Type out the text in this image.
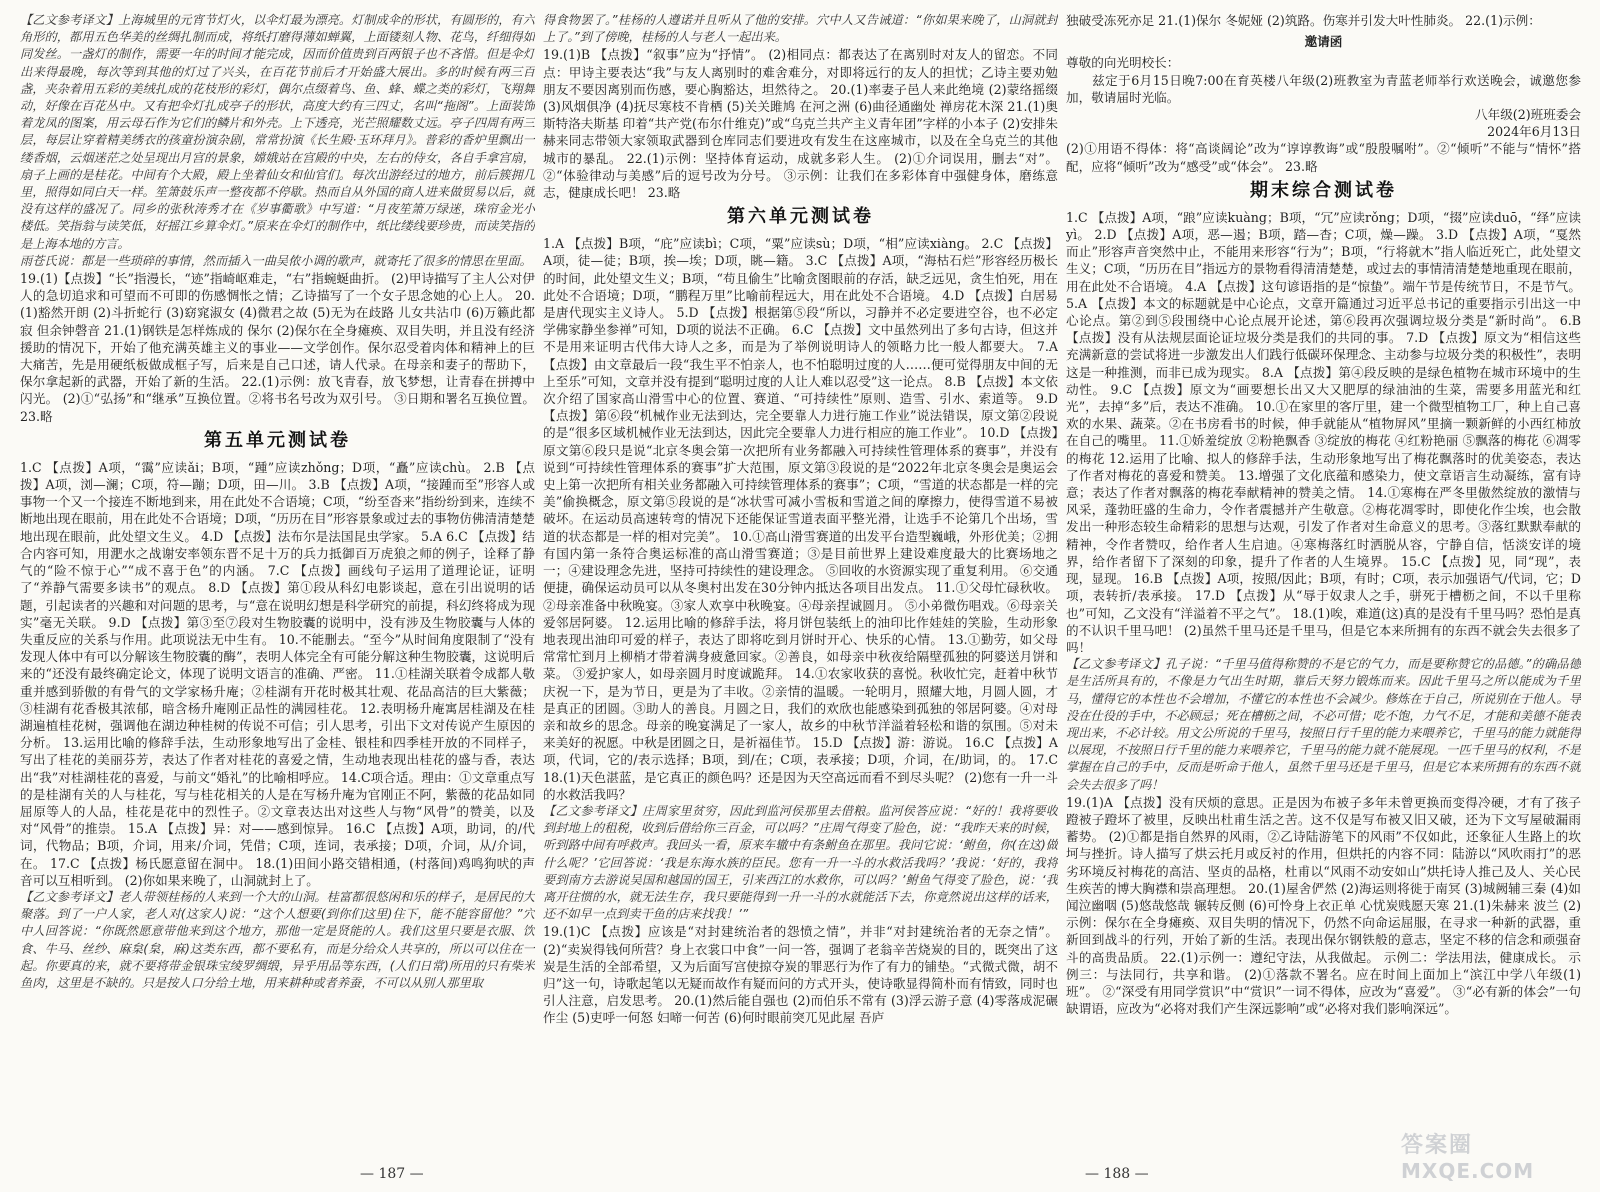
【乙文参考译文】上海城里的元宵节灯火，以伞灯最为漂亮。灯制成伞的形状，有圆形的，有六角形的，都用五色华美的丝绸扎制而成，将纸打磨得薄如蝉翼，上面镂刻人物、花鸟，纤细得如同发丝。一盏灯的制作，需要一年的时间才能完成，因而价值贵到百两银子也不吝惜。但是伞灯出来得最晚，每次等到其他的灯过了兴头，在百花节前后才开始盛大展出。多的时候有两三百盏，夹杂着用五彩的美绒扎成的花枝形的彩灯，偶尔点缀着鸟、鱼、蜂、蝶之类的彩灯，飞翔舞动，好像在百花丛中。又有把伞灯扎成亭子的形状，高度大约有三四丈，名叫“拖阁”。上面装饰着龙凤的图案，用云母石作为它们的鳞片和外壳。上下透亮，光芒照耀数丈远。亭子四周有两三层，每层让穿着精美绣衣的孩童扮演杂剧，常常扮演《长生殿·玉环拜月》。普彩的香炉里飘出一缕香烟，云烟迷茫之处呈现出月宫的景象，嫦娥站在宫殿的中央，左右的侍女，各自手拿宫扇，扇子上画的是桂花。中间有个大殿，殿上坐着仙女和仙官们。每次出游经过的地方，前后簇拥几里，照得如同白天一样。笙箫鼓乐声一整夜都不停歇。热而自从外国的商人进来做贸易以后，就没有这样的盛况了。同乡的张秋涛秀才在《岁事衢歌》中写道：“月夜笙箫万绿迷，珠帘金光小楼低。笑指翁与读笑低，好摇江乡算伞灯。”原来在伞灯的制作中，纸比缕线要珍贵，而读笑指的是上海本地的方言。

雨苍氏说：都是一些琐碎的事情，然而插入一曲吴侬小调的歌声，就寄托了很多的情思在里面。

19.(1)【点拨】“长”指漫长，“迹”指崎岖难走，“右”指蜿蜒曲折。 (2)甲诗描写了主人公对伊人的急切追求和可望而不可即的伤感惆怅之情；乙诗描写了一个女子思念她的心上人。 20.(1)豁然开朗 (2)斗折蛇行 (3)窈窕淑女 (4)微君之故 (5)无为在歧路 儿女共沾巾 (6)万籁此都寂 但余钟磬音 21.(1)钢铁是怎样炼成的 保尔 (2)保尔在全身瘫痪、双目失明，并且没有经济援助的情况下，开始了他充满英雄主义的事业——文学创作。保尔忍受着肉体和精神上的巨大痛苦，先是用硬纸板做成框子写，后来是自己口述，请人代录。在母亲和妻子的帮助下，保尔拿起新的武器，开始了新的生活。 22.(1)示例：放飞青春，放飞梦想，让青春在拼搏中闪光。 (2)①“弘扬”和“继承”互换位置。②将书名号改为双引号。 ③日期和署名互换位置。 23.略

第五单元测试卷

1.C 【点拨】A项，“霭”应读ǎi；B项，“踵”应读zhǒng；D项，“矗”应读chù。 2.B 【点拨】A项，浏—澜；C项，符—蹦；D项，田—川。 3.B 【点拨】A项，“接踵而至”形容人或事物一个又一个接连不断地到来，用在此处不合语境；C项，“纷至沓来”指纷纷到来，连续不断地出现在眼前，用在此处不合语境；D项，“历历在目”形容景象或过去的事物仿佛清清楚楚地出现在眼前，此处望文生义。 4.D 【点拨】法布尔是法国昆虫学家。 5.A 6.C 【点拨】结合内容可知，用淝水之战谢安率领东晋不足十万的兵力抵御百万虎狼之师的例子，诠释了静气的“险不惊于心”“成不喜于色”的内涵。 7.C 【点拨】画线句子运用了道理论证，证明了“养静气需要多读书”的观点。 8.D 【点拨】第①段从科幻电影谈起，意在引出说明的话题，引起读者的兴趣和对问题的思考，与“意在说明幻想是科学研究的前提，科幻终将成为现实”毫无关联。 9.D 【点拨】第③至⑦段对生物胶囊的说明中，没有涉及生物胶囊与人体的失重反应的关系与作用。此项说法无中生有。 10.不能删去。“至今”从时间角度限制了“没有发现人体中有可以分解该生物胶囊的酶”，表明人体完全有可能分解这种生物胶囊，这说明后来的“还没有最终确定论文，体现了说明文语言的准确、严密。 11.①桂湖关联着令成都人敬重并感到骄傲的有骨气的文学家杨升庵；②桂湖有开花时极其壮观、花品高洁的巨大紫薇；③桂湖有花香极其浓郁，暗含杨升庵刚正品性的满园桂花。 12.表明杨升庵寓居桂湖及在桂湖遍植桂花树，强调他在湖边种桂树的传说不可信；引人思考，引出下文对传说产生原因的分析。 13.运用比喻的修辞手法，生动形象地写出了金桂、银桂和四季桂开放的不同样子，写出了桂花的美丽芬芳，表达了作者对桂花的喜爱之情，生动地表现出桂花的盛与香，表达出“我”对桂湖桂花的喜爱，与前文“婚礼”的比喻相呼应。 14.C项合适。理由：①文章重点写的是桂湖有关的人与桂花，写与桂花相关的人是在写杨升庵为官刚正不阿，紫薇的花品如同屈原等人的人品，桂花是花中的烈性子。②文章表达出对这些人与物“风骨”的赞美，以及对“风骨”的推崇。 15.A 【点拨】异：对——感到惊异。 16.C 【点拨】A项，助词，的/代词，代物品；B项，介词，用来/介词，凭借；C项，连词，表承接；D项，介词，从/介词，在。 17.C 【点拨】杨氏愿意留在洞中。 18.(1)田间小路交错相通，(村落间)鸡鸣狗吠的声音可以互相听到。 (2)你如果来晚了，山洞就封上了。

【乙文参考译文】老人带领桂杨的人来到一个大的山洞。桂富都很悠闲和乐的样子，是居民的大聚落。到了一户人家，老人对(这家人)说：“这个人想要(到你们这里)住下，能不能容留他？”穴中人回答说：“你既然愿意带他来到这个地方，那他一定是贤能的人。我们这里只要是衣服、饮食、牛马、丝纱、麻枲(枲，麻)这类东西，都不要私有，而是分给众人共享的，所以可以住在一起。你要真的来，就不要将带金银珠宝绫罗绸缎，异乎用品等东西，(人们日常)所用的只有柴米鱼肉，这里是不缺的。只是按人口分给土地，用来耕种或者养蚕，不可以从别人那里取

得食物罢了。”桂杨的人遵诺并且听从了他的安排。穴中人又告诫道：“你如果来晚了，山洞就封上了。”到了傍晚，桂杨的人与老人一起出来。

19.(1)B 【点拨】“叙事”应为“抒情”。 (2)相同点：都表达了在离别时对友人的留恋。不同点：甲诗主要表达“我”与友人离别时的难舍难分，对即将远行的友人的担忧；乙诗主要劝勉朋友不要因离别而伤感，要心胸豁达，坦然待之。 20.(1)率妻子邑人来此绝境 (2)蒙络摇缀 (3)风烟俱净 (4)抚尽寒枝不肯栖 (5)关关雎鸠 在河之洲 (6)曲径通幽处 禅房花木深 21.(1)奥斯特洛夫斯基 印着“共产党(布尔什维克)”或“乌克兰共产主义青年团”字样的小本子 (2)安排朱赫来同志带领大家领取武器到仓库同志们要进攻有发生在这座城市，以及在全乌克兰的其他城市的暴乱。 22.(1)示例：坚持体育运动，成就多彩人生。 (2)①介词误用，删去“对”。 ②“体验律动与美感”后的逗号改为分号。 ③示例：让我们在多彩体育中强健身体，磨练意志，健康成长吧！ 23.略

第六单元测试卷

1.A 【点拨】B项，“庇”应读bì；C项，“粟”应读sù；D项，“相”应读xiàng。 2.C 【点拨】A项，徒—徒；B项，挨—埃；D项，眺—籍。 3.C 【点拨】A项，“海枯石烂”形容经历极长的时间，此处望文生义；B项，“苟且偷生”比喻贪图眼前的存活，缺乏远见，贪生怕死，用在此处不合语境；D项，“鹏程万里”比喻前程远大，用在此处不合语境。 4.D 【点拨】白居易是唐代现实主义诗人。 5.D 【点拨】根据第⑤段“所以，习静并不必定要进空谷，也不必定学佛家静坐参禅”可知，D项的说法不正确。 6.C 【点拨】文中虽然列出了多句古诗，但这并不是用来证明古代伟大诗人之多，而是为了举例说明诗人的领略力比一般人都要大。 7.A 【点拨】由文章最后一段“我生平不怕亲人，也不怕聪明过度的人……便可觉得朋友中间的无上至乐”可知，文章并没有提到“聪明过度的人让人难以忍受”这一论点。 8.B 【点拨】本文依次介绍了国家高山滑雪中心的位置、赛道、“可持续性”原则、造雪、引水、索道等。 9.D 【点拨】第⑥段“机械作业无法到达，完全要靠人力进行施工作业”说法错误，原文第②段说的是“很多区域机械作业无法到达，因此完全要靠人力进行相应的施工作业”。 10.D 【点拨】原文第⑥段只是说“北京冬奥会第一次把所有业务都融入可持续性管理体系的赛事”，并没有说到“可持续性管理体系的赛事”扩大范围，原文第③段说的是“2022年北京冬奥会是奥运会史上第一次把所有相关业务都融入可持续管理体系的赛事”；C项，“雪道的状态都是一样的完美”偷换概念，原文第⑤段说的是“冰状雪可减小雪板和雪道之间的摩擦力，使得雪道不易被破坏。在运动员高速转弯的情况下还能保证雪道表面平整光滑，让选手不论第几个出场，雪道的状态都是一样的相对完美”。 10.①高山滑雪赛道的出发平台造型巍峨，外形优美；②拥有国内第一条符合奥运标准的高山滑雪赛道；③是目前世界上建设难度最大的比赛场地之一；④建设理念先进，坚持可持续性的建设理念。 ⑤回收的水资源实现了重复利用。 ⑥交通便捷，确保运动员可以从冬奥村出发在30分钟内抵达各项目出发点。 11.①父母忙碌秋收。②母亲准备中秋晚宴。③家人欢享中秋晚宴。④母亲捏诚圆月。 ⑤小弟微伤唱戏。⑥母亲关爱邻居阿婆。 12.运用比喻的修辞手法，将月饼包装纸上的油印比作娃娃的笑脸，生动形象地表现出油印可爱的样子，表达了即将吃到月饼时开心、快乐的心情。 13.①勤劳，如父母常常忙到月上柳梢才带着满身疲惫回家。②善良，如母亲中秋夜给隔壁孤独的阿婆送月饼和菜。 ③爱护家人，如母亲圆月时度诚跪拜。 14.①农家收获的喜悦。秋收忙完，赶着中秋节庆祝一下，是为节日，更是为了丰收。②亲情的温暖。一轮明月，照耀大地，月圆人圆，才是真正的团圆。③助人的善良。月圆之日，我们的欢欣也能感染到孤独的邻居阿婆。④对母亲和故乡的思念。母亲的晚宴满足了一家人，故乡的中秋节洋溢着轻松和谐的氛围。⑤对未来美好的祝愿。中秋是团圆之日，是祈福佳节。 15.D 【点拨】游：游说。 16.C 【点拨】A项，代词，它的/表示选择；B项，到/在；C项，表承接；D项，介词，在/助词，的。 17.C 18.(1)天色湛蓝，是它真正的颜色吗？还是因为天空高远而看不到尽头呢？ (2)您有一升一斗的水救活我吗？

【乙文参考译文】庄周家里贫穷，因此到监河侯那里去借粮。监河侯答应说：“好的！我将要收到封地上的租税，收到后借给你三百金，可以吗？”庄周气得变了脸色，说：“我昨天来的时候，听到路中间有呼救声。我回头一看，原来车辙中有条鲋鱼在那里。我问它说：‘鲋鱼，你(在这)做什么呢？’它回答说：‘我是东海水族的臣民。您有一升一斗的水救活我吗？’我说：‘好的，我将要到南方去游说吴国和越国的国王，引来西江的水救你，可以吗？’鲋鱼气得变了脸色，说：‘我离开往惯的水，就无法生存，我只要能得到一升一斗的水就能活下去，你竟然说出这样的话来，还不如早一点到卖干鱼的店来找我！’”

19.(1)C 【点拨】应该是“对封建统治者的怨愤之情”，并非“对封建统治者的无奈之情”。 (2)“卖炭得钱何所营？身上衣裳口中食”一问一答，强调了老翁辛苦烧炭的目的，既突出了这炭是生活的全部希望，又为后面写宫使掠夺炭的罪恶行为作了有力的铺垫。“式微式微，胡不归”这一句，诗歌起笔以无疑而故作有疑而问的方式开头，使诗歌显得简朴而有情致，同时也引人注意，启发思考。 20.(1)然后能自强也 (2)而伯乐不常有 (3)浮云游子意 (4)零落成泥碾作尘 (5)吏呼一何怒 妇啼一何苦 (6)何时眼前突兀见此屋 吾庐

独破受冻死亦足 21.(1)保尔 冬妮娅 (2)筑路。伤寒并引发大叶性肺炎。 22.(1)示例：

邀请函

尊敬的向光明校长：

　　兹定于6月15日晚7:00在育英楼八年级(2)班教室为青蓝老师举行欢送晚会，诚邀您参加，敬请届时光临。

八年级(2)班班委会

2024年6月13日

(2)①用语不得体：将“高谈阔论”改为“谆谆教诲”或“殷殷嘱咐”。②“倾听”不能与“情怀”搭配，应将“倾听”改为“感受”或“体会”。 23.略

期末综合测试卷

1.C 【点拨】A项，“踉”应读kuàng；B项，“冗”应读rǒng；D项，“掇”应读duō，“绎”应读yì。 2.D 【点拨】A项，恶—遏；B项，踏—杳；C项，燥—躁。 3.D 【点拨】A项，“戛然而止”形容声音突然中止，不能用来形容“行为”；B项，“行将就木”指人临近死亡，此处望文生义；C项，“历历在目”指远方的景物看得清清楚楚，或过去的事情清清楚楚地重现在眼前，用在此处不合语境。 4.A 【点拨】这句谚语指的是“惊蛰”。端午节是传统节日，不是节气。 5.A 【点拨】本文的标题就是中心论点，文章开篇通过习近平总书记的重要指示引出这一中心论点。第②到⑤段围绕中心论点展开论述，第⑥段再次强调垃圾分类是“新时尚”。 6.B 【点拨】没有从法规层面论证垃圾分类是我们的共同的事。 7.D 【点拨】原文为“相信这些充满新意的尝试将进一步激发出人们践行低碳环保理念、主动参与垃圾分类的积极性”，表明这是一种推测，而非已成为现实。 8.A 【点拨】第④段反映的是绿色植物在城市环境中的生动性。 9.C 【点拨】原文为“画要想长出又大又肥厚的绿油油的生菜，需要多用蓝光和红光”，去掉“多”后，表达不准确。 10.①在家里的客厅里，建一个微型植物工厂，种上自己喜欢的水果、蔬菜。②在书房看书的时候，伸手就能从“植物屏风”里摘一颗新鲜的小西红柿放在自己的嘴里。 11.①娇羞绽放 ②粉艳飘香 ③绽放的梅花 ④红粉艳丽 ⑤飘落的梅花 ⑥凋零的梅花 12.运用了比喻、拟人的修辞手法，生动形象地写出了梅花飘落时的优美姿态，表达了作者对梅花的喜爱和赞美。 13.增强了文化底蕴和感染力，使文章语言生动凝练，富有诗意；表达了作者对飘落的梅花奉献精神的赞美之情。 14.①寒梅在严冬里傲然绽放的激情与风采，蓬勃旺盛的生命力，令作者震撼并产生敬意。②梅花凋零时，即使化作尘埃，也会散发出一种形态较生命精彩的思想与达观，引发了作者对生命意义的思考。③落红默默奉献的精神，令作者赞叹，给作者人生启迪。④寒梅落红时洒脱从容，宁静自信，恬淡安详的境界，给作者留下了深刻的印象，提升了作者的人生境界。 15.C 【点拨】见，同“现”，表现，显现。 16.B 【点拨】A项，按照/因此；B项，有时；C项，表示加强语气/代词，它；D项，表转折/表承接。 17.D 【点拨】从“辱于奴隶人之手，骈死于槽枥之间，不以千里称也”可知，乙文没有“洋溢着不平之气”。 18.(1)唉，难道(这)真的是没有千里马吗？恐怕是真的不认识千里马吧！ (2)虽然千里马还是千里马，但是它本来所拥有的东西不就会失去很多了吗！

【乙文参考译文】孔子说：“千里马值得称赞的不是它的气力，而是要称赞它的品德。”的确品德是生活所具有的，不像是力气出生时期，靠后天努力锻炼而来。因此千里马之所以能成为千里马，懂得它的本性也不会增加，不懂它的本性也不会减少。修炼在于自己，所说别在于他人。导没在仕役的手中，不必顾忌；死在槽枥之间，不必可惜；吃不饱，力气不足，才能和美德不能表现出来，不必计较。用文公所说的千里马，按照日行千里的能力来喂养它，千里马的能力就能得以展现，不按照日行千里的能力来喂养它，千里马的能力就不能展现。一匹千里马的权利，不是掌握在自己的手中，反而是听命于他人，虽然千里马还是千里马，但是它本来所拥有的东西不就会失去很多了吗！

19.(1)A 【点拨】没有厌烦的意思。正是因为布被子多年未曾更换而变得冷硬，才有了孩子蹬被子蹬坏了被里，反映出杜甫生活之苦。这不仅是写布被又旧又破，还为下文写屋破漏雨蓄势。 (2)①都是指自然界的风雨，②乙诗陆游笔下的风雨”不仅如此，还象征人生路上的坎坷与挫折。诗人描写了烘云托月或反衬的作用，但烘托的内容不同：陆游以“风吹雨打”的恶劣环境反衬梅花的高洁、坚贞的品格，杜甫以“风雨不动安如山”烘托诗人推己及人、关心民生疾苦的博大胸襟和崇高理想。 20.(1)屋舍俨然 (2)海运则将徙于南冥 (3)城阙辅三秦 (4)如闻泣幽咽 (5)悠哉悠哉 辗转反侧 (6)可怜身上衣正单 心忧炭贱愿天寒 21.(1)朱赫来 波兰 (2)示例：保尔在全身瘫痪、双目失明的情况下，仍然不向命运屈服，在寻求一种新的武器，重新回到战斗的行列，开始了新的生活。表现出保尔钢铁般的意志，坚定不移的信念和顽强奋斗的高贵品质。 22.(1)示例一：遵纪守法，从我做起。 示例二：学法用法，健康成长。 示例三：与法同行，共享和谐。 (2)①落款不署名。应在时间上面加上“滨江中学八年级(1)班”。 ②“深受有用同学赏识”中“赏识”一词不得体，应改为“喜爱”。 ③“必有新的体会”一句缺谓语，应改为“必将对我们产生深远影响”或“必将对我们影响深远”。

— 187 —	— 188 —
答案圈
MXQE.COM
